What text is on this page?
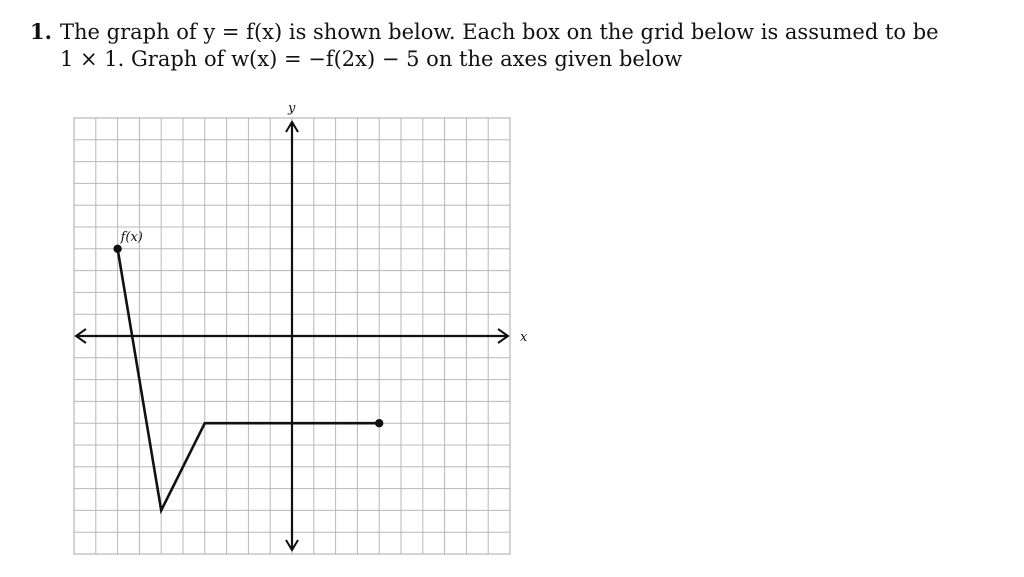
1. The graph of y = f(x) is shown below. Each box on the grid below is assumed to be
1 × 1. Graph of w(x) = −f(2x) − 5 on the axes given below
x
y
f(x)
